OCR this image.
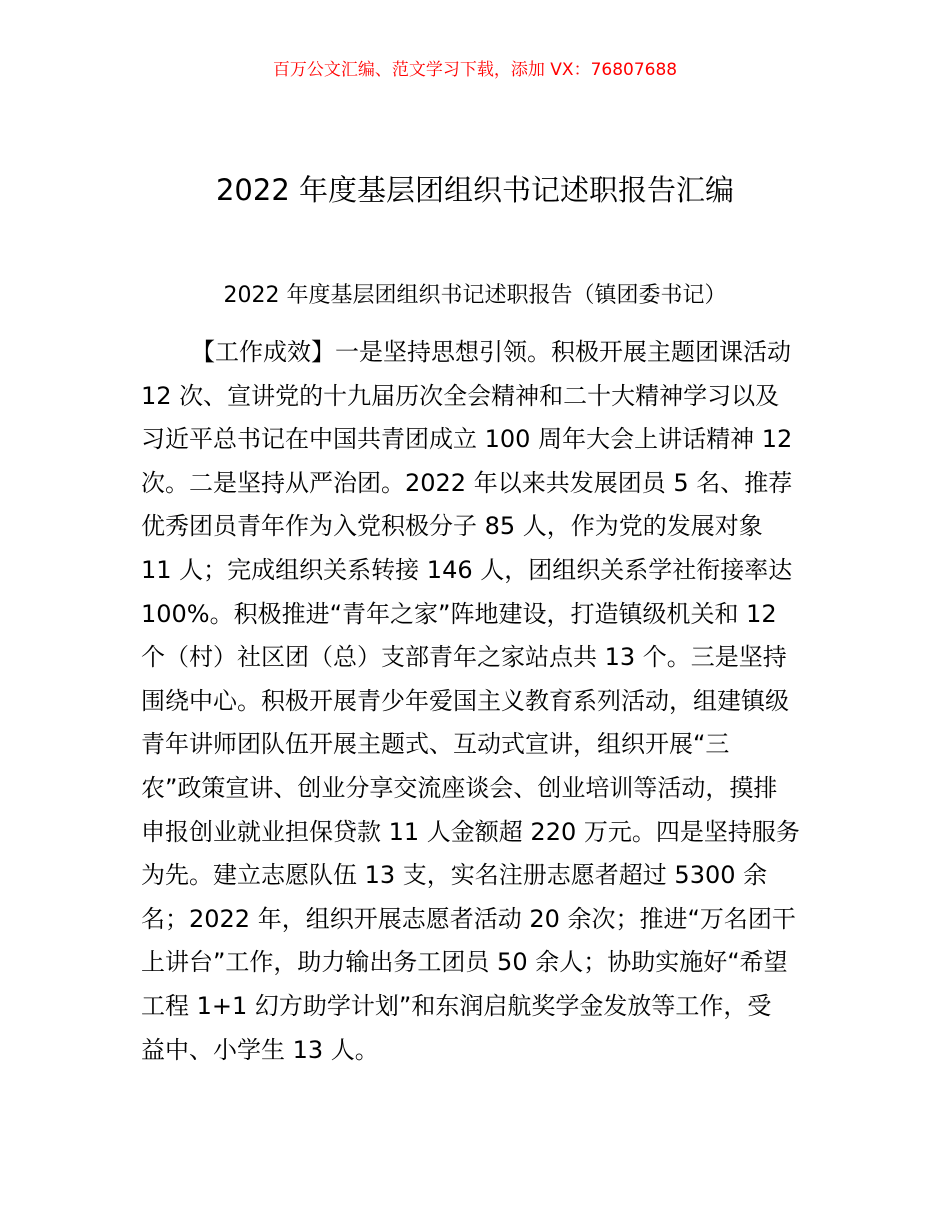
百万公文汇编、范文学习下载，添加 VX：76807688
2022 年度基层团组织书记述职报告汇编
2022 年度基层团组织书记述职报告（镇团委书记）
【工作成效】一是坚持思想引领。积极开展主题团课活动
12 次、宣讲党的十九届历次全会精神和二十大精神学习以及
习近平总书记在中国共青团成立 100 周年大会上讲话精神 12
次。二是坚持从严治团。2022 年以来共发展团员 5 名、推荐
优秀团员青年作为入党积极分子 85 人，作为党的发展对象
11 人；完成组织关系转接 146 人，团组织关系学社衔接率达
100%。积极推进“青年之家”阵地建设，打造镇级机关和 12
个（村）社区团（总）支部青年之家站点共 13 个。三是坚持
围绕中心。积极开展青少年爱国主义教育系列活动，组建镇级
青年讲师团队伍开展主题式、互动式宣讲，组织开展“三
农”政策宣讲、创业分享交流座谈会、创业培训等活动，摸排
申报创业就业担保贷款 11 人金额超 220 万元。四是坚持服务
为先。建立志愿队伍 13 支，实名注册志愿者超过 5300 余
名；2022 年，组织开展志愿者活动 20 余次；推进“万名团干
上讲台”工作，助力输出务工团员 50 余人；协助实施好“希望
工程 1+1 幻方助学计划”和东润启航奖学金发放等工作，受
益中、小学生 13 人。
